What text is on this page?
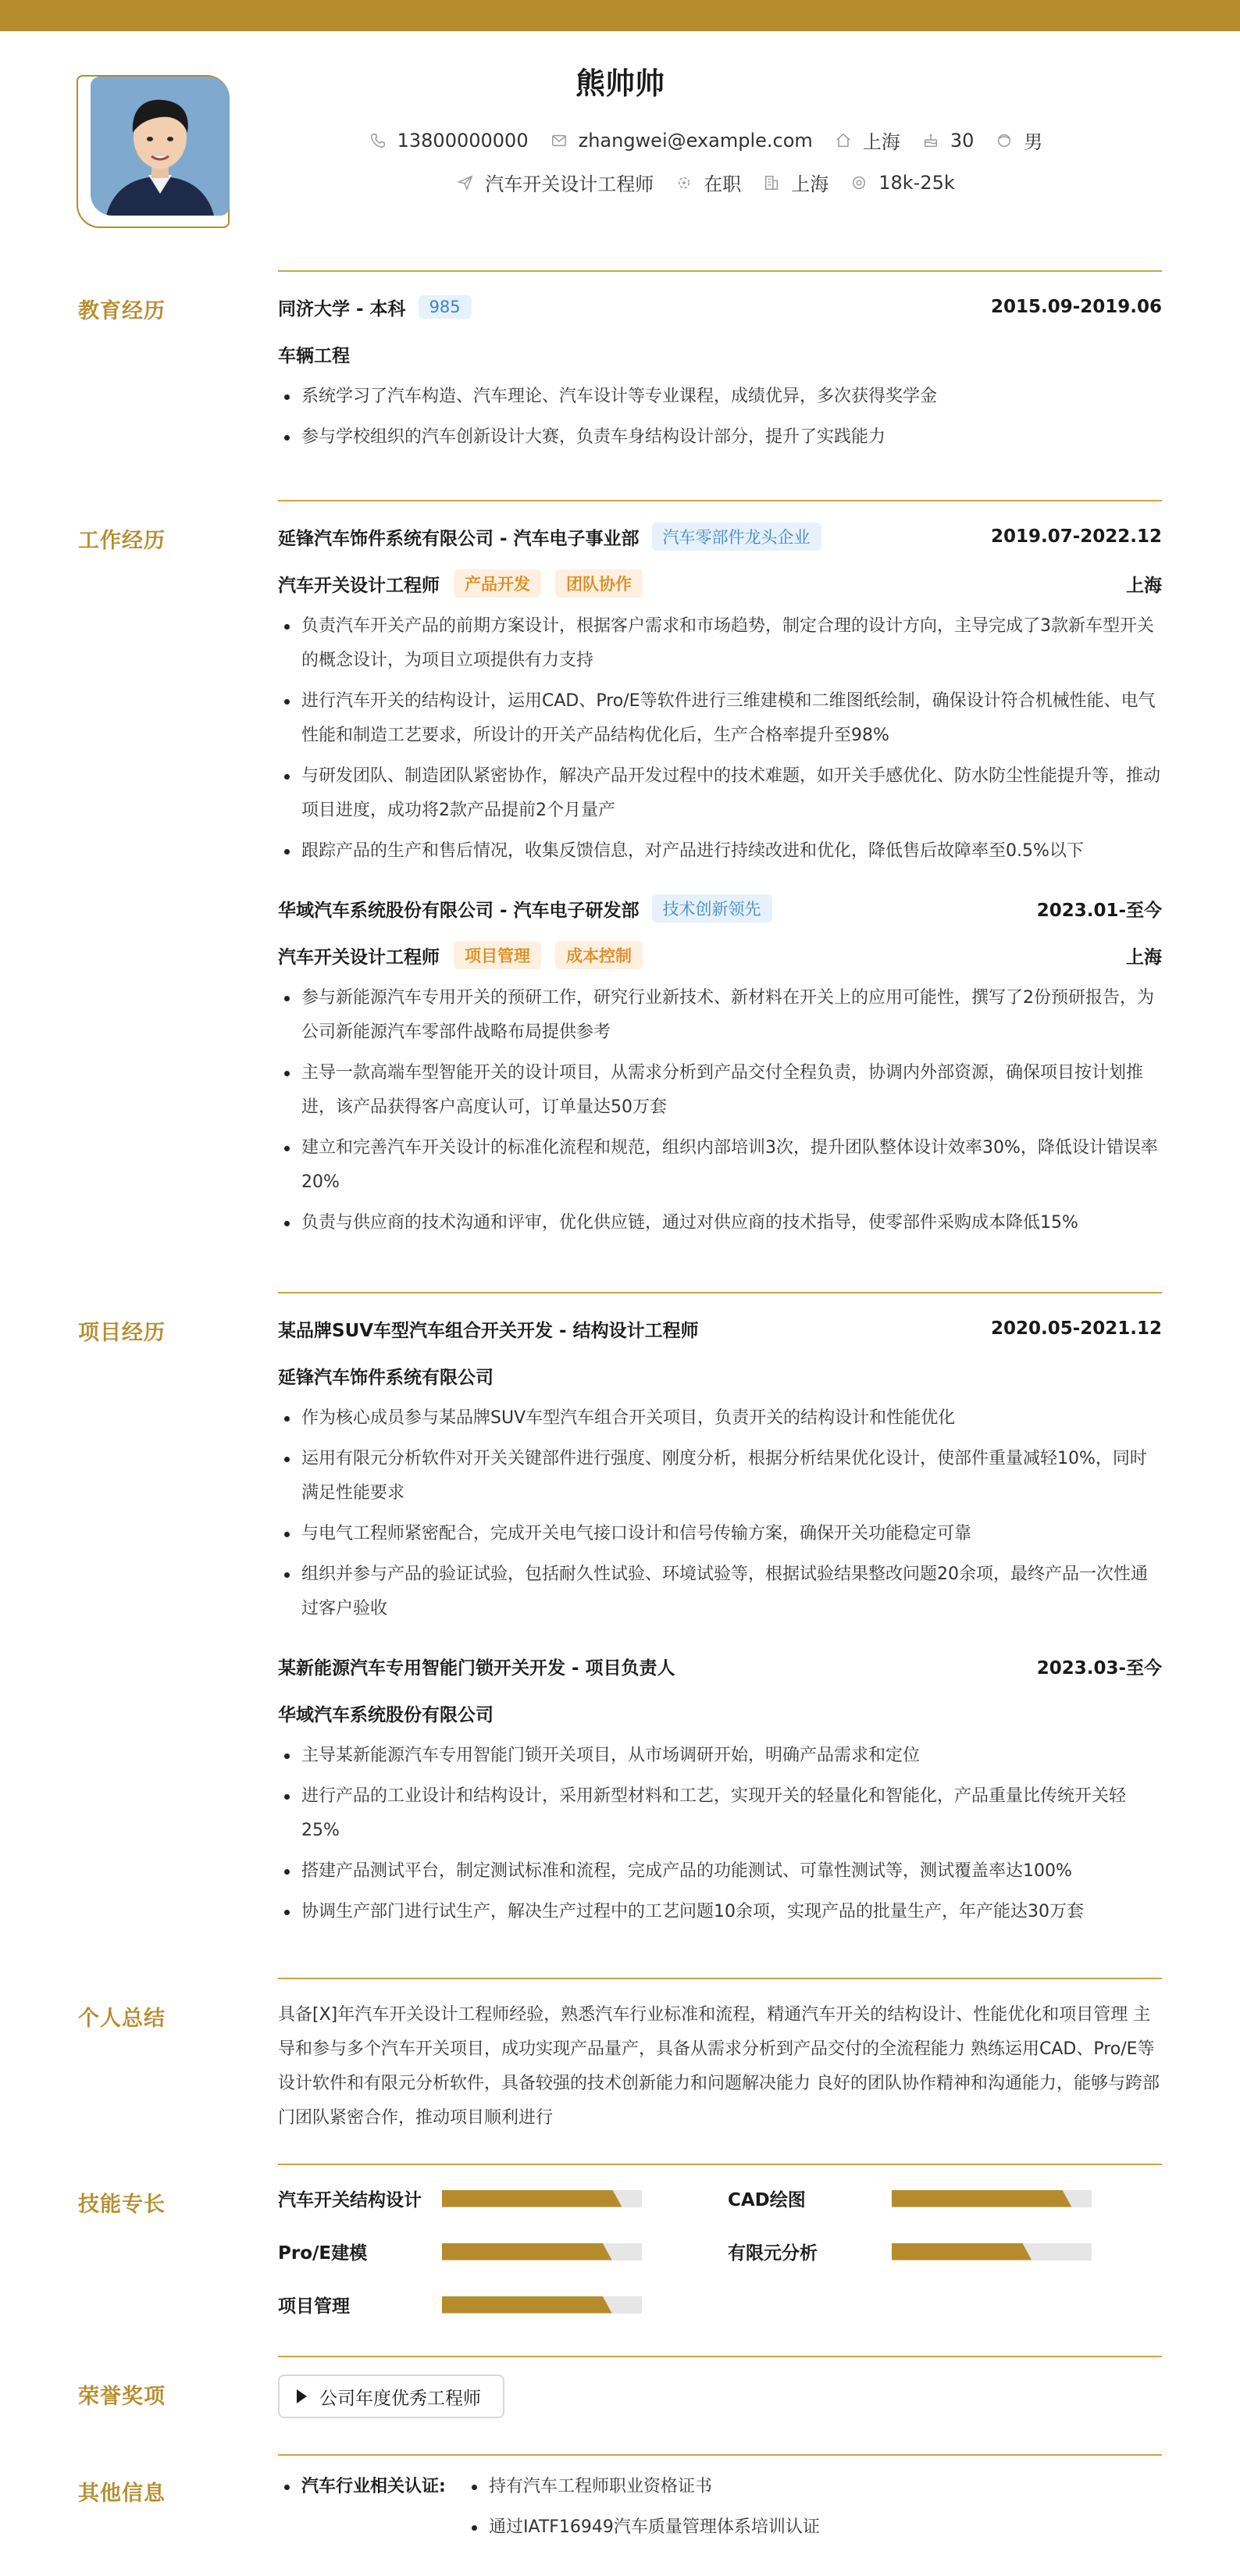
熊帅帅
13800000000	zhangwei@example.com	上海	30	男
汽车开关设计工程师	在职	上海	18k-25k
教育经历	同济大学 - 本科	985	2015.09-2019.06
车辆工程
系统学习了汽车构造、汽车理论、汽车设计等专业课程，成绩优异，多次获得奖学金
参与学校组织的汽车创新设计大赛，负责车身结构设计部分，提升了实践能力
工作经历	延锋汽车饰件系统有限公司 - 汽车电子事业部	汽车零部件龙头企业	2019.07-2022.12
汽车开关设计工程师	产品开发	团队协作	上海
负责汽车开关产品的前期方案设计，根据客户需求和市场趋势，制定合理的设计方向，主导完成了3款新车型开关的概念设计，为项目立项提供有力支持
进行汽车开关的结构设计，运用CAD、Pro/E等软件进行三维建模和二维图纸绘制，确保设计符合机械性能、电气性能和制造工艺要求，所设计的开关产品结构优化后，生产合格率提升至98%
与研发团队、制造团队紧密协作，解决产品开发过程中的技术难题，如开关手感优化、防水防尘性能提升等，推动项目进度，成功将2款产品提前2个月量产
跟踪产品的生产和售后情况，收集反馈信息，对产品进行持续改进和优化，降低售后故障率至0.5%以下
华域汽车系统股份有限公司 - 汽车电子研发部	技术创新领先	2023.01-至今
汽车开关设计工程师	项目管理	成本控制	上海
参与新能源汽车专用开关的预研工作，研究行业新技术、新材料在开关上的应用可能性，撰写了2份预研报告，为公司新能源汽车零部件战略布局提供参考
主导一款高端车型智能开关的设计项目，从需求分析到产品交付全程负责，协调内外部资源，确保项目按计划推进，该产品获得客户高度认可，订单量达50万套
建立和完善汽车开关设计的标准化流程和规范，组织内部培训3次，提升团队整体设计效率30%，降低设计错误率20%
负责与供应商的技术沟通和评审，优化供应链，通过对供应商的技术指导，使零部件采购成本降低15%
项目经历	某品牌SUV车型汽车组合开关开发 - 结构设计工程师	2020.05-2021.12
延锋汽车饰件系统有限公司
作为核心成员参与某品牌SUV车型汽车组合开关项目，负责开关的结构设计和性能优化
运用有限元分析软件对开关关键部件进行强度、刚度分析，根据分析结果优化设计，使部件重量减轻10%，同时满足性能要求
与电气工程师紧密配合，完成开关电气接口设计和信号传输方案，确保开关功能稳定可靠
组织并参与产品的验证试验，包括耐久性试验、环境试验等，根据试验结果整改问题20余项，最终产品一次性通过客户验收
某新能源汽车专用智能门锁开关开发 - 项目负责人	2023.03-至今
华域汽车系统股份有限公司
主导某新能源汽车专用智能门锁开关项目，从市场调研开始，明确产品需求和定位
进行产品的工业设计和结构设计，采用新型材料和工艺，实现开关的轻量化和智能化，产品重量比传统开关轻25%
搭建产品测试平台，制定测试标准和流程，完成产品的功能测试、可靠性测试等，测试覆盖率达100%
协调生产部门进行试生产，解决生产过程中的工艺问题10余项，实现产品的批量生产，年产能达30万套
个人总结	具备[X]年汽车开关设计工程师经验，熟悉汽车行业标准和流程，精通汽车开关的结构设计、性能优化和项目管理 主导和参与多个汽车开关项目，成功实现产品量产，具备从需求分析到产品交付的全流程能力 熟练运用CAD、Pro/E等设计软件和有限元分析软件，具备较强的技术创新能力和问题解决能力 良好的团队协作精神和沟通能力，能够与跨部门团队紧密合作，推动项目顺利进行
技能专长	汽车开关结构设计	CAD绘图
Pro/E建模	有限元分析
项目管理
荣誉奖项	公司年度优秀工程师
其他信息	汽车行业相关认证:	持有汽车工程师职业资格证书
通过IATF16949汽车质量管理体系培训认证
